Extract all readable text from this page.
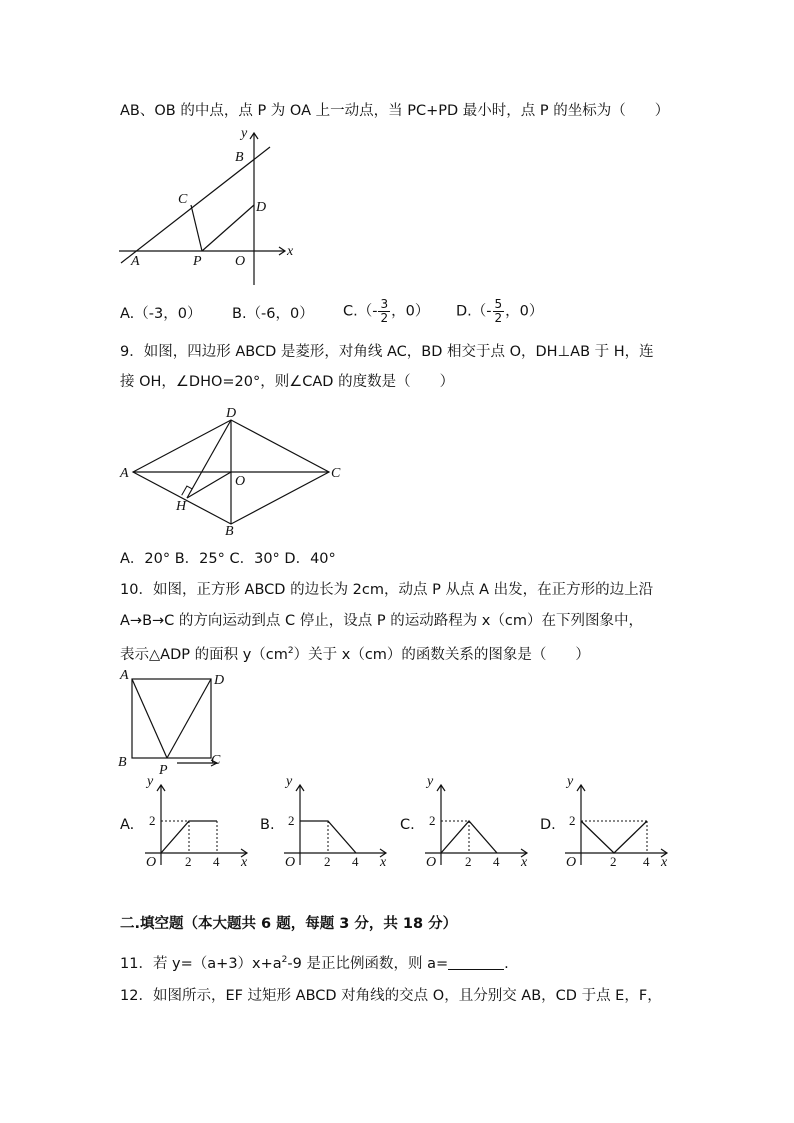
AB、OB 的中点，点 P 为 OA 上一动点，当 PC+PD 最小时，点 P 的坐标为（　　）
y
x
B
C
D
A	P O
A.（-3，0） B.（-6，0） $C.(- \frac{3}{2}$ ，0） $D.(- \frac{5}{2}$ ，0）
9．如图，四边形 ABCD 是菱形，对角线 AC，BD 相交于点 O，DH⊥AB 于 H，连
接 OH，∠DHO=20°，则∠CAD 的度数是（　　）
D
A
O
C
H
B
A．20° B．25° C．30° D．40°
10．如图，正方形 ABCD 的边长为 2cm，动点 P 从点 A 出发，在正方形的边上沿
A→B→C 的方向运动到点 C 停止，设点 P 的运动路程为 x（cm）在下列图象中，
表示△ADP 的面积 $y(cm^2)$关于 x（cm）的函数关系的图象是（　　）
A	D
B	C
P
A.
y
x
O
2
2 4
B.
y
x
O
2
2 4
C.
y
x
O
2
2 4
D.
y
x
O
2
2 4
二.填空题（本大题共 6 题，每题 3 分，共 18 分）
11．若 $y=(a+3)x+a^2-9$ 是正比例函数，则 a=	.
12．如图所示，EF 过矩形 ABCD 对角线的交点 O，且分别交 AB，CD 于点 E，F，
